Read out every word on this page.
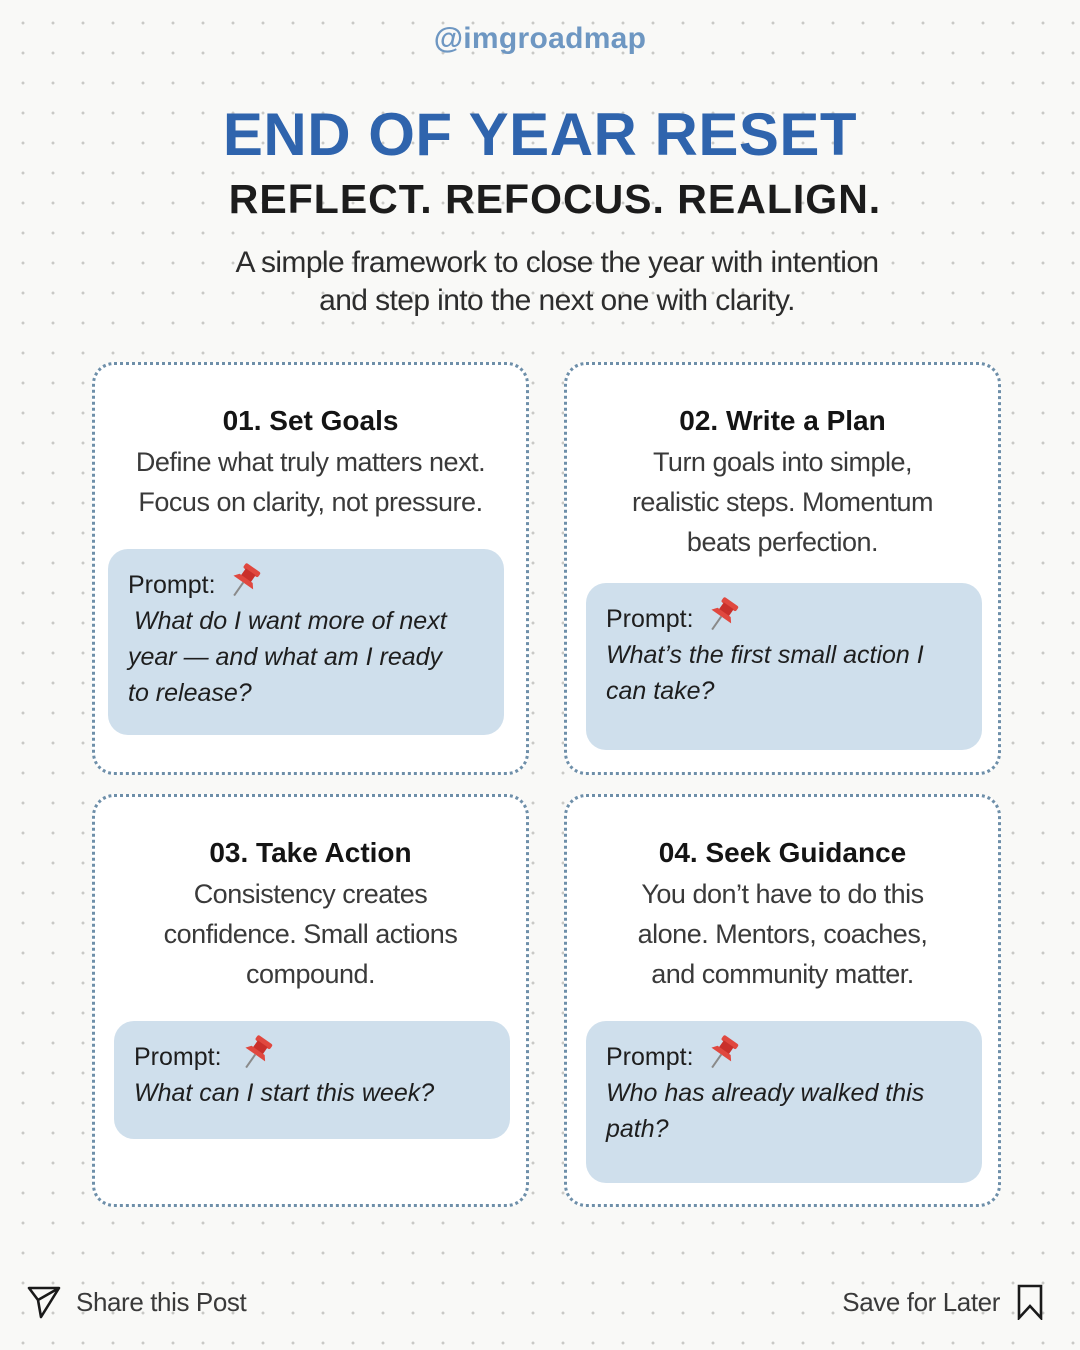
@imgroadmap
END OF YEAR RESET
REFLECT. REFOCUS. REALIGN.
A simple framework to close the year with intention
and step into the next one with clarity.
01. Set Goals
Define what truly matters next.
Focus on clarity, not pressure.
Prompt:
What do I want more of next
year — and what am I ready
to release?
02. Write a Plan
Turn goals into simple,
realistic steps. Momentum
beats perfection.
Prompt:
What’s the first small action I
can take?
03. Take Action
Consistency creates
confidence. Small actions
compound.
Prompt:
What can I start this week?
04. Seek Guidance
You don’t have to do this
alone. Mentors, coaches,
and community matter.
Prompt:
Who has already walked this
path?
Share this Post	Save for Later
